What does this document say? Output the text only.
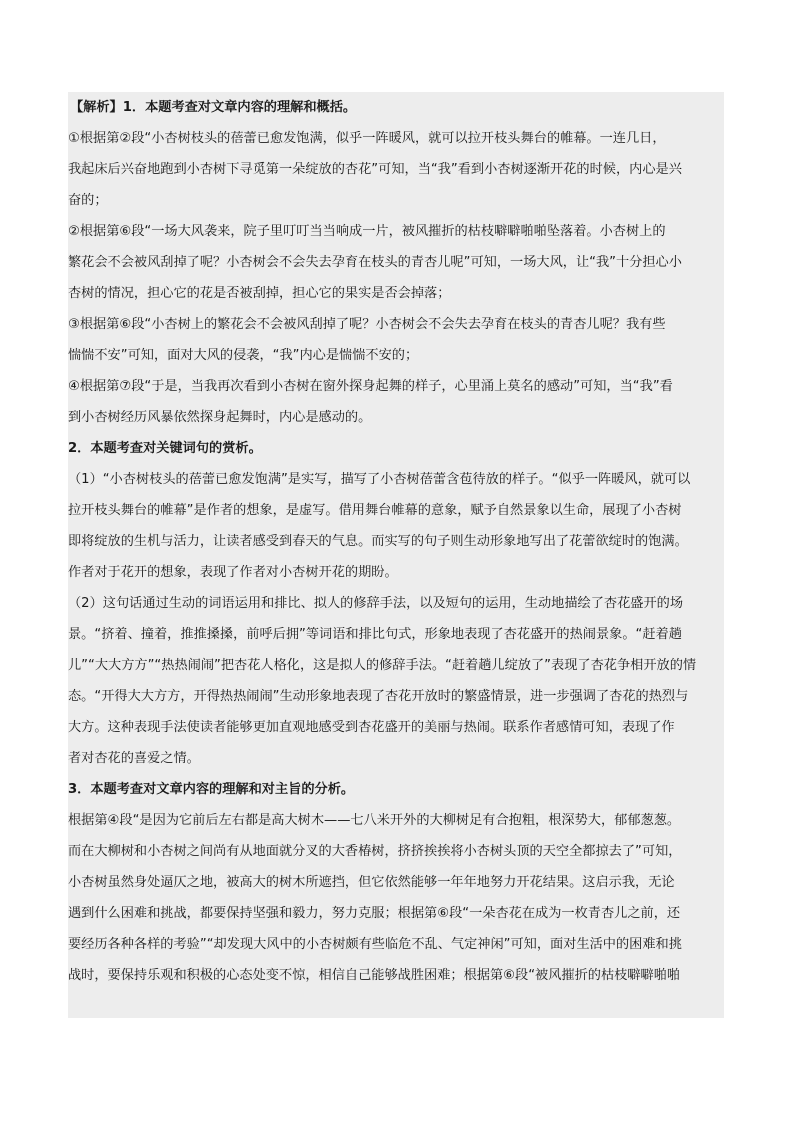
【解析】1．本题考查对文章内容的理解和概括。
①根据第②段“小杏树枝头的蓓蕾已愈发饱满，似乎一阵暖风，就可以拉开枝头舞台的帷幕。一连几日，
我起床后兴奋地跑到小杏树下寻觅第一朵绽放的杏花”可知，当“我”看到小杏树逐渐开花的时候，内心是兴
奋的；
②根据第⑥段“一场大风袭来，院子里叮叮当当响成一片，被风摧折的枯枝噼噼啪啪坠落着。小杏树上的
繁花会不会被风刮掉了呢？小杏树会不会失去孕育在枝头的青杏儿呢”可知，一场大风，让“我”十分担心小
杏树的情况，担心它的花是否被刮掉，担心它的果实是否会掉落；
③根据第⑥段“小杏树上的繁花会不会被风刮掉了呢？小杏树会不会失去孕育在枝头的青杏儿呢？我有些
惴惴不安”可知，面对大风的侵袭，“我”内心是惴惴不安的；
④根据第⑦段“于是，当我再次看到小杏树在窗外探身起舞的样子，心里涌上莫名的感动”可知，当“我”看
到小杏树经历风暴依然探身起舞时，内心是感动的。
2．本题考查对关键词句的赏析。
（1）“小杏树枝头的蓓蕾已愈发饱满”是实写，描写了小杏树蓓蕾含苞待放的样子。“似乎一阵暖风，就可以
拉开枝头舞台的帷幕”是作者的想象，是虚写。借用舞台帷幕的意象，赋予自然景象以生命，展现了小杏树
即将绽放的生机与活力，让读者感受到春天的气息。而实写的句子则生动形象地写出了花蕾欲绽时的饱满。
作者对于花开的想象，表现了作者对小杏树开花的期盼。
（2）这句话通过生动的词语运用和排比、拟人的修辞手法，以及短句的运用，生动地描绘了杏花盛开的场
景。“挤着、撞着，推推搡搡，前呼后拥”等词语和排比句式，形象地表现了杏花盛开的热闹景象。“赶着趟
儿”“大大方方”“热热闹闹”把杏花人格化，这是拟人的修辞手法。“赶着趟儿绽放了”表现了杏花争相开放的情
态。“开得大大方方，开得热热闹闹”生动形象地表现了杏花开放时的繁盛情景，进一步强调了杏花的热烈与
大方。这种表现手法使读者能够更加直观地感受到杏花盛开的美丽与热闹。联系作者感情可知，表现了作
者对杏花的喜爱之情。
3．本题考查对文章内容的理解和对主旨的分析。
根据第④段“是因为它前后左右都是高大树木——七八米开外的大柳树足有合抱粗，根深势大，郁郁葱葱。
而在大柳树和小杏树之间尚有从地面就分叉的大香椿树，挤挤挨挨将小杏树头顶的天空全都掠去了”可知，
小杏树虽然身处逼仄之地，被高大的树木所遮挡，但它依然能够一年年地努力开花结果。这启示我，无论
遇到什么困难和挑战，都要保持坚强和毅力，努力克服；根据第⑥段“一朵杏花在成为一枚青杏儿之前，还
要经历各种各样的考验”“却发现大风中的小杏树颇有些临危不乱、气定神闲”可知，面对生活中的困难和挑
战时，要保持乐观和积极的心态处变不惊，相信自己能够战胜困难；根据第⑥段“被风摧折的枯枝噼噼啪啪
